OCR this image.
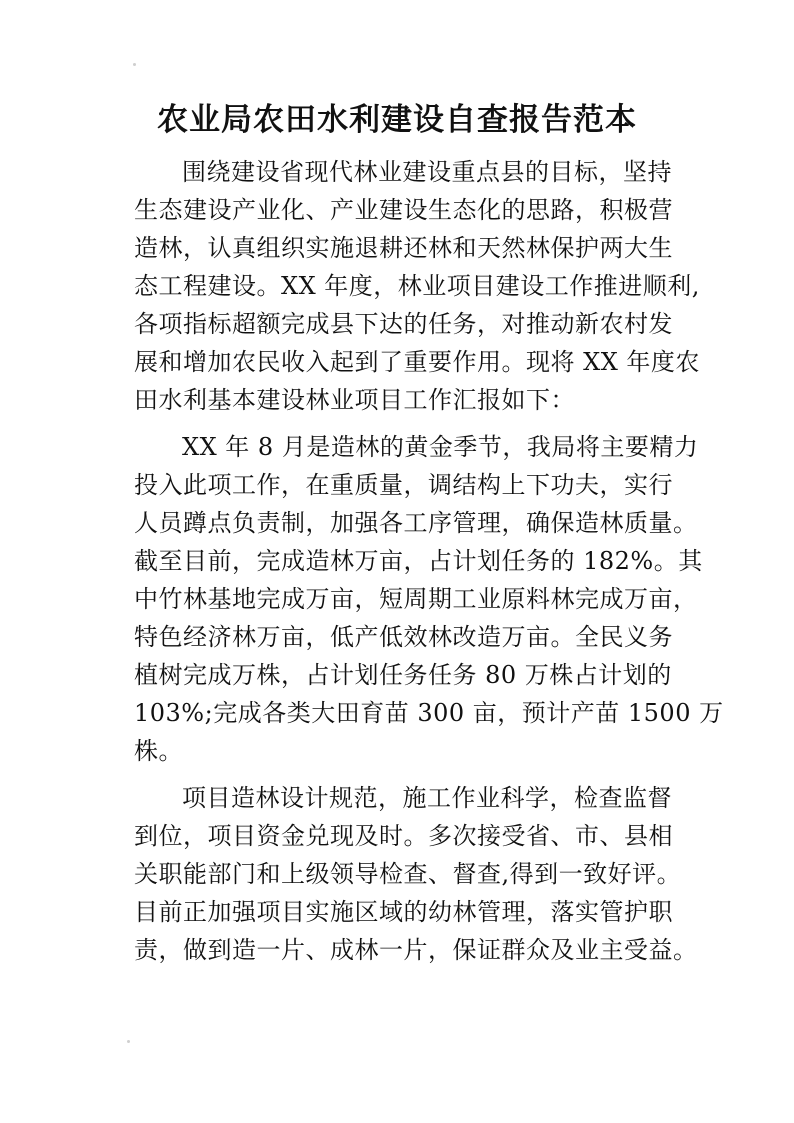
农业局农田水利建设自查报告范本
围绕建设省现代林业建设重点县的目标，坚持
生态建设产业化、产业建设生态化的思路，积极营
造林，认真组织实施退耕还林和天然林保护两大生
态工程建设。XX 年度，林业项目建设工作推进顺利,
各项指标超额完成县下达的任务，对推动新农村发
展和增加农民收入起到了重要作用。现将 XX 年度农
田水利基本建设林业项目工作汇报如下：
XX 年 8 月是造林的黄金季节，我局将主要精力
投入此项工作，在重质量，调结构上下功夫，实行
人员蹲点负责制，加强各工序管理，确保造林质量。
截至目前，完成造林万亩，占计划任务的 182%。其
中竹林基地完成万亩，短周期工业原料林完成万亩，
特色经济林万亩，低产低效林改造万亩。全民义务
植树完成万株，占计划任务任务 80 万株占计划的
103%;完成各类大田育苗 300 亩，预计产苗 1500 万
株。
项目造林设计规范，施工作业科学，检查监督
到位，项目资金兑现及时。多次接受省、市、县相
关职能部门和上级领导检查、督查,得到一致好评。
目前正加强项目实施区域的幼林管理，落实管护职
责，做到造一片、成林一片，保证群众及业主受益。
